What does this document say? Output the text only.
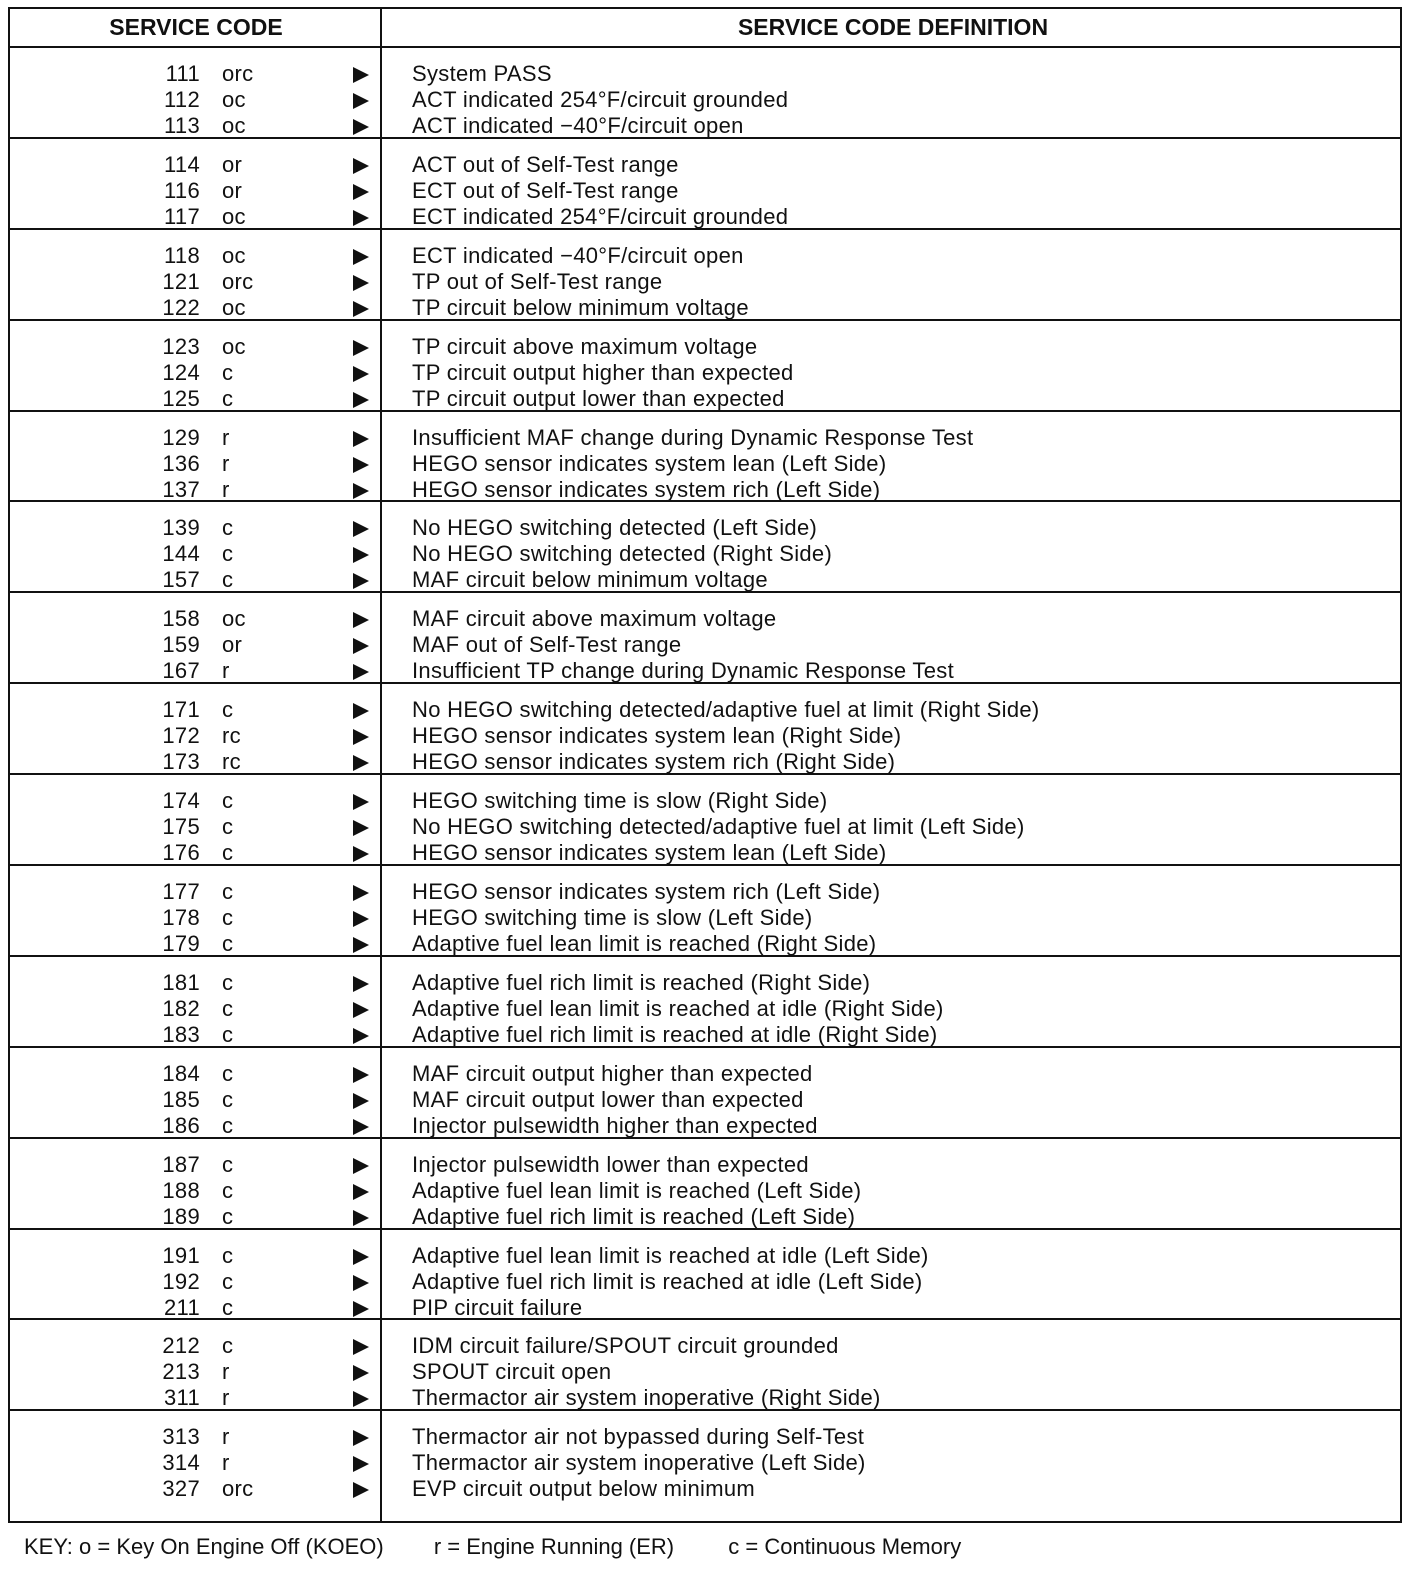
SERVICE CODE	SERVICE CODE DEFINITION
111 orc	System PASS
112 oc	ACT indicated 254°F/circuit grounded
113 oc	ACT indicated −40°F/circuit open
114 or	ACT out of Self-Test range
116 or	ECT out of Self-Test range
117 oc	ECT indicated 254°F/circuit grounded
118 oc	ECT indicated −40°F/circuit open
121 orc	TP out of Self-Test range
122 oc	TP circuit below minimum voltage
123 oc	TP circuit above maximum voltage
124 c	TP circuit output higher than expected
125 c	TP circuit output lower than expected
129 r	Insufficient MAF change during Dynamic Response Test
136 r	HEGO sensor indicates system lean (Left Side)
137 r	HEGO sensor indicates system rich (Left Side)
139 c	No HEGO switching detected (Left Side)
144 c	No HEGO switching detected (Right Side)
157 c	MAF circuit below minimum voltage
158 oc	MAF circuit above maximum voltage
159 or	MAF out of Self-Test range
167 r	Insufficient TP change during Dynamic Response Test
171 c	No HEGO switching detected/adaptive fuel at limit (Right Side)
172 rc	HEGO sensor indicates system lean (Right Side)
173 rc	HEGO sensor indicates system rich (Right Side)
174 c	HEGO switching time is slow (Right Side)
175 c	No HEGO switching detected/adaptive fuel at limit (Left Side)
176 c	HEGO sensor indicates system lean (Left Side)
177 c	HEGO sensor indicates system rich (Left Side)
178 c	HEGO switching time is slow (Left Side)
179 c	Adaptive fuel lean limit is reached (Right Side)
181 c	Adaptive fuel rich limit is reached (Right Side)
182 c	Adaptive fuel lean limit is reached at idle (Right Side)
183 c	Adaptive fuel rich limit is reached at idle (Right Side)
184 c	MAF circuit output higher than expected
185 c	MAF circuit output lower than expected
186 c	Injector pulsewidth higher than expected
187 c	Injector pulsewidth lower than expected
188 c	Adaptive fuel lean limit is reached (Left Side)
189 c	Adaptive fuel rich limit is reached (Left Side)
191 c	Adaptive fuel lean limit is reached at idle (Left Side)
192 c	Adaptive fuel rich limit is reached at idle (Left Side)
211 c	PIP circuit failure
212 c	IDM circuit failure/SPOUT circuit grounded
213 r	SPOUT circuit open
311 r	Thermactor air system inoperative (Right Side)
313 r	Thermactor air not bypassed during Self-Test
314 r	Thermactor air system inoperative (Left Side)
327 orc	EVP circuit output below minimum
KEY: o = Key On Engine Off (KOEO) r = Engine Running (ER) c = Continuous Memory
